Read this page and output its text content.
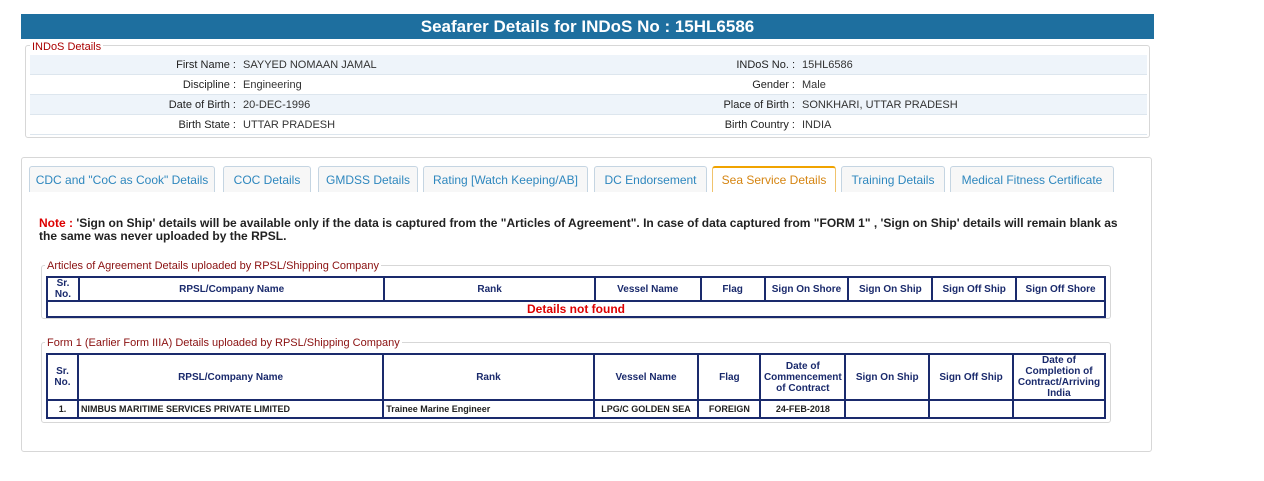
Seafarer Details for INDoS No : 15HL6586
INDoS Details
First Name : SAYYED NOMAAN JAMAL	INDoS No. : 15HL6586
Discipline : Engineering	Gender : Male
Date of Birth : 20-DEC-1996	Place of Birth : SONKHARI, UTTAR PRADESH
Birth State : UTTAR PRADESH	Birth Country : INDIA
CDC and "CoC as Cook" Details	COC Details	GMDSS Details	Rating [Watch Keeping/AB]	DC Endorsement	Sea Service Details	Training Details	Medical Fitness Certificate
Note : 'Sign on Ship' details will be available only if the data is captured from the "Articles of Agreement". In case of data captured from "FORM 1" , 'Sign on Ship' details will remain blank as the same was never uploaded by the RPSL.
Articles of Agreement Details uploaded by RPSL/Shipping Company
Sr. No.	RPSL/Company Name	Rank	Vessel Name	Flag	Sign On Shore	Sign On Ship	Sign Off Ship	Sign Off Shore
Details not found
Form 1 (Earlier Form IIIA) Details uploaded by RPSL/Shipping Company
Sr. No.	RPSL/Company Name	Rank	Vessel Name	Flag	Date of Commencement of Contract	Sign On Ship	Sign Off Ship	Date of Completion of Contract/Arriving India
1.	NIMBUS MARITIME SERVICES PRIVATE LIMITED	Trainee Marine Engineer	LPG/C GOLDEN SEA	FOREIGN	24-FEB-2018			
